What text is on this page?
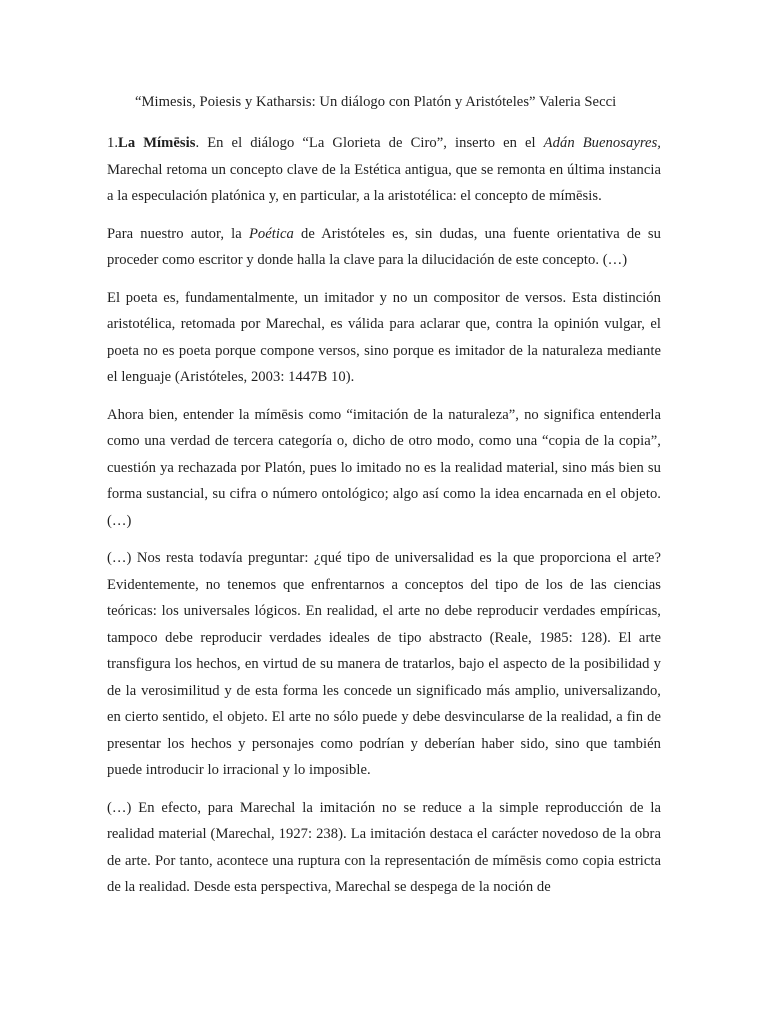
“Mimesis, Poiesis y Katharsis: Un diálogo con Platón y Aristóteles” Valeria Secci

1.La Mímēsis. En el diálogo “La Glorieta de Ciro”, inserto en el Adán Buenosayres, Marechal retoma un concepto clave de la Estética antigua, que se remonta en última instancia a la especulación platónica y, en particular, a la aristotélica: el concepto de mímēsis.

Para nuestro autor, la Poética de Aristóteles es, sin dudas, una fuente orientativa de su proceder como escritor y donde halla la clave para la dilucidación de este concepto. (…)

El poeta es, fundamentalmente, un imitador y no un compositor de versos. Esta distinción aristotélica, retomada por Marechal, es válida para aclarar que, contra la opinión vulgar, el poeta no es poeta porque compone versos, sino porque es imitador de la naturaleza mediante el lenguaje (Aristóteles, 2003: 1447B 10).

Ahora bien, entender la mímēsis como “imitación de la naturaleza”, no significa entenderla como una verdad de tercera categoría o, dicho de otro modo, como una “copia de la copia”, cuestión ya rechazada por Platón, pues lo imitado no es la realidad material, sino más bien su forma sustancial, su cifra o número ontológico; algo así como la idea encarnada en el objeto. (…)

(…) Nos resta todavía preguntar: ¿qué tipo de universalidad es la que proporciona el arte? Evidentemente, no tenemos que enfrentarnos a conceptos del tipo de los de las ciencias teóricas: los universales lógicos. En realidad, el arte no debe reproducir verdades empíricas, tampoco debe reproducir verdades ideales de tipo abstracto (Reale, 1985: 128). El arte transfigura los hechos, en virtud de su manera de tratarlos, bajo el aspecto de la posibilidad y de la verosimilitud y de esta forma les concede un significado más amplio, universalizando, en cierto sentido, el objeto. El arte no sólo puede y debe desvincularse de la realidad, a fin de presentar los hechos y personajes como podrían y deberían haber sido, sino que también puede introducir lo irracional y lo imposible.

(…) En efecto, para Marechal la imitación no se reduce a la simple reproducción de la realidad material (Marechal, 1927: 238). La imitación destaca el carácter novedoso de la obra de arte. Por tanto, acontece una ruptura con la representación de mímēsis como copia estricta de la realidad. Desde esta perspectiva, Marechal se despega de la noción de
